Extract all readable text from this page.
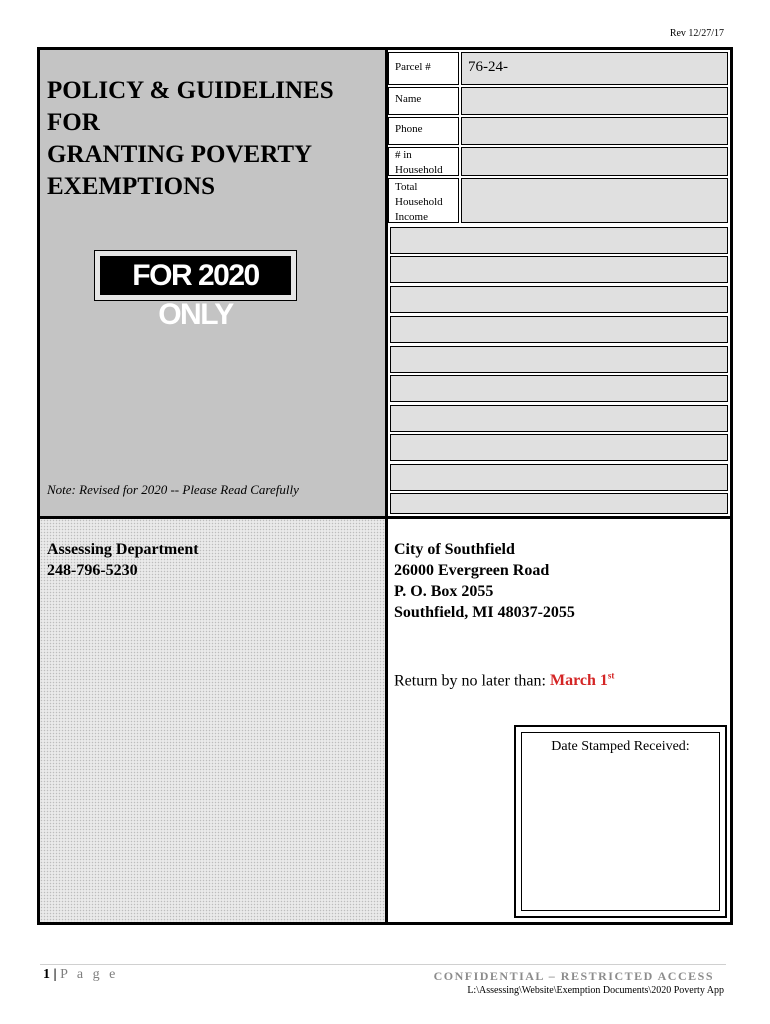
Rev 12/27/17
POLICY & GUIDELINES
FOR
GRANTING POVERTY
EXEMPTIONS
FOR 2020 ONLY
Note: Revised for 2020 -- Please Read Carefully
Parcel #	76-24-
Name
Phone
# in
Household
Total
Household
Income
Assessing Department
248-796-5230
City of Southfield
26000 Evergreen Road
P. O. Box 2055
Southfield, MI 48037-2055
Return by no later than: March 1st
Date Stamped Received:
1 | P a g e	CONFIDENTIAL – RESTRICTED ACCESS
L:\Assessing\Website\Exemption Documents\2020 Poverty App
